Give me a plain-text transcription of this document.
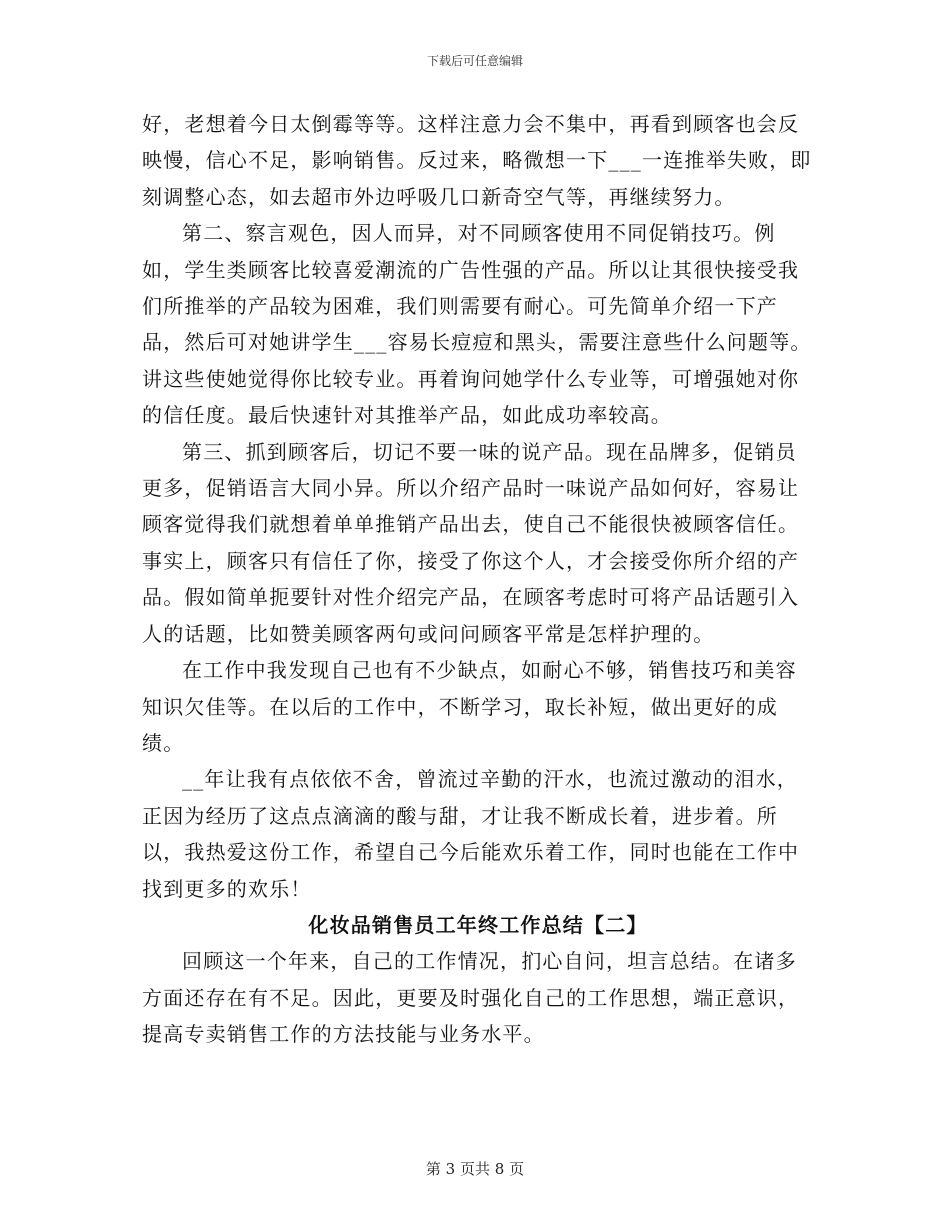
下载后可任意编辑

好，老想着今日太倒霉等等。这样注意力会不集中，再看到顾客也会反映慢，信心不足，影响销售。反过来，略微想一下___一连推举失败，即刻调整心态，如去超市外边呼吸几口新奇空气等，再继续努力。

第二、察言观色，因人而异，对不同顾客使用不同促销技巧。例如，学生类顾客比较喜爱潮流的广告性强的产品。所以让其很快接受我们所推举的产品较为困难，我们则需要有耐心。可先简单介绍一下产品，然后可对她讲学生___容易长痘痘和黑头，需要注意些什么问题等。讲这些使她觉得你比较专业。再着询问她学什么专业等，可增强她对你的信任度。最后快速针对其推举产品，如此成功率较高。

第三、抓到顾客后，切记不要一味的说产品。现在品牌多，促销员更多，促销语言大同小异。所以介绍产品时一味说产品如何好，容易让顾客觉得我们就想着单单推销产品出去，使自己不能很快被顾客信任。事实上，顾客只有信任了你，接受了你这个人，才会接受你所介绍的产品。假如简单扼要针对性介绍完产品，在顾客考虑时可将产品话题引入人的话题，比如赞美顾客两句或问问顾客平常是怎样护理的。

在工作中我发现自己也有不少缺点，如耐心不够，销售技巧和美容知识欠佳等。在以后的工作中，不断学习，取长补短，做出更好的成绩。

__年让我有点依依不舍，曾流过辛勤的汗水，也流过激动的泪水，正因为经历了这点点滴滴的酸与甜，才让我不断成长着，进步着。所以，我热爱这份工作，希望自己今后能欢乐着工作，同时也能在工作中找到更多的欢乐！

化妆品销售员工年终工作总结【二】

回顾这一个年来，自己的工作情况，扪心自问，坦言总结。在诸多方面还存在有不足。因此，更要及时强化自己的工作思想，端正意识，提高专卖销售工作的方法技能与业务水平。

第 3 页共 8 页
